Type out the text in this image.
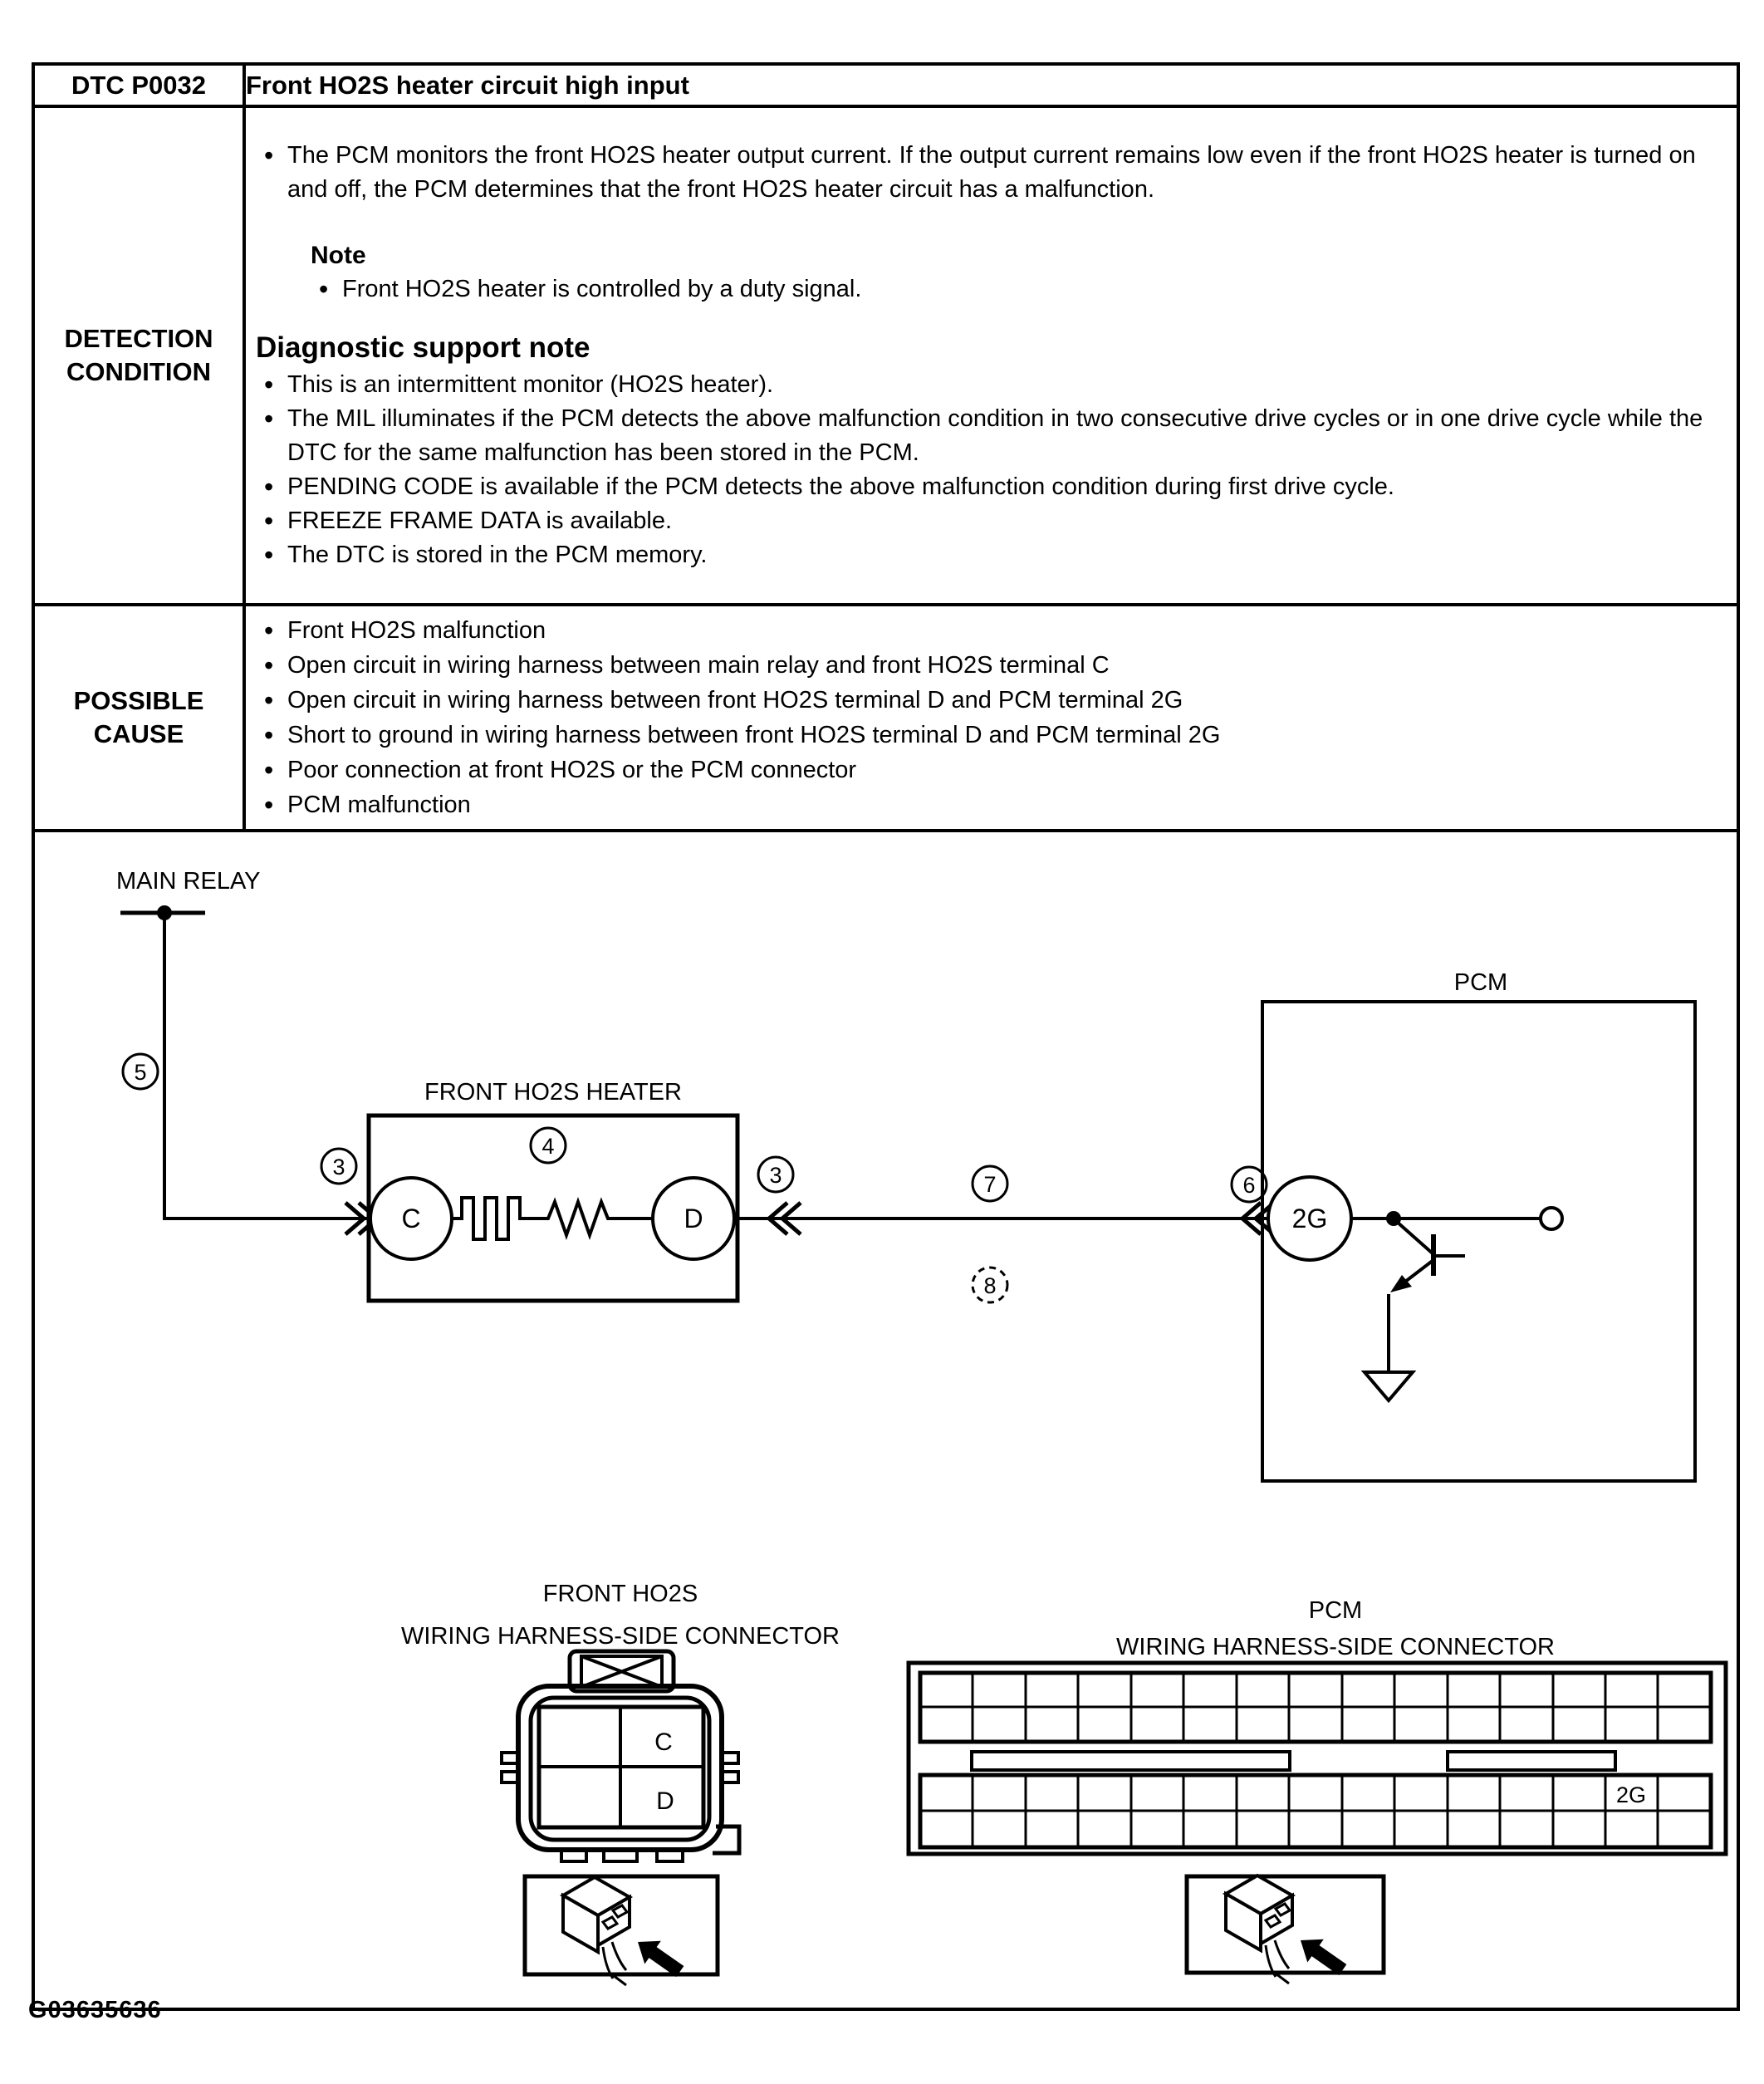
DTC P0032	Front HO2S heater circuit high input
DETECTION CONDITION	
• The PCM monitors the front HO2S heater output current. If the output current remains low even if the front HO2S heater is turned on and off, the PCM determines that the front HO2S heater circuit has a malfunction.
Note
• Front HO2S heater is controlled by a duty signal.
Diagnostic support note
• This is an intermittent monitor (HO2S heater).
• The MIL illuminates if the PCM detects the above malfunction condition in two consecutive drive cycles or in one drive cycle while the DTC for the same malfunction has been stored in the PCM.
• PENDING CODE is available if the PCM detects the above malfunction condition during first drive cycle.
• FREEZE FRAME DATA is available.
• The DTC is stored in the PCM memory.

POSSIBLE CAUSE	
• Front HO2S malfunction
• Open circuit in wiring harness between main relay and front HO2S terminal C
• Open circuit in wiring harness between front HO2S terminal D and PCM terminal 2G
• Short to ground in wiring harness between front HO2S terminal D and PCM terminal 2G
• Poor connection at front HO2S or the PCM connector
• PCM malfunction

MAIN RELAY
5
3
FRONT HO2S HEATER
C	D
4
3	7
8
6
PCM
2G
FRONT HO2S
WIRING HARNESS-SIDE CONNECTOR
C
D
PCM
WIRING HARNESS-SIDE CONNECTOR
2G
G03635636
